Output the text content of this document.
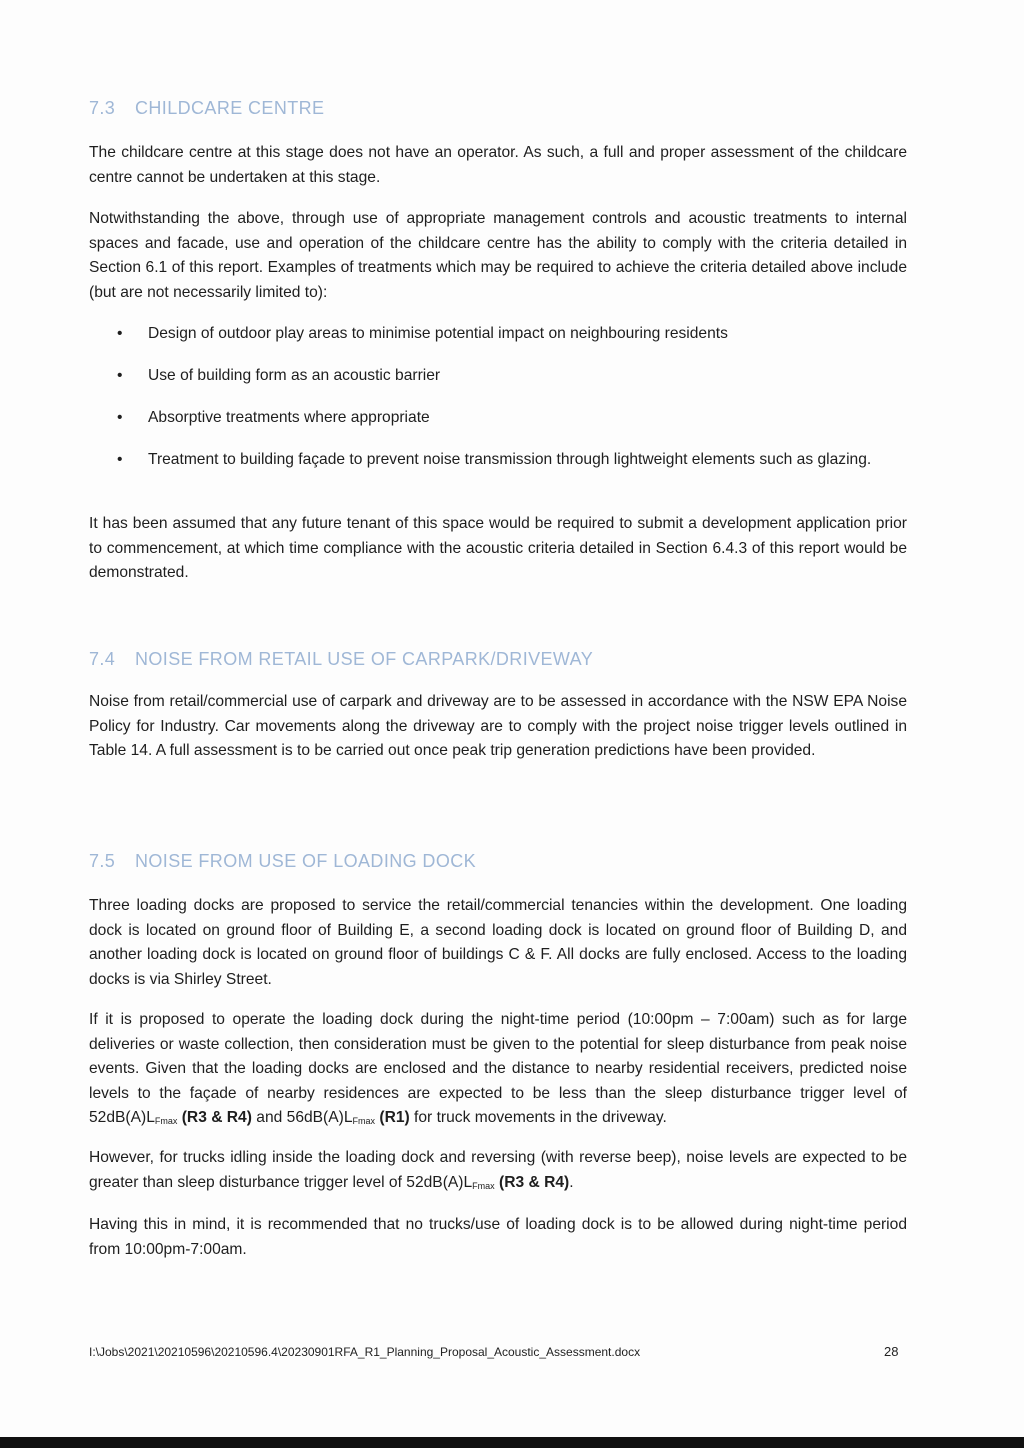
7.3 CHILDCARE CENTRE

The childcare centre at this stage does not have an operator. As such, a full and proper assessment of the childcare centre cannot be undertaken at this stage.

Notwithstanding the above, through use of appropriate management controls and acoustic treatments to internal spaces and facade, use and operation of the childcare centre has the ability to comply with the criteria detailed in Section 6.1 of this report. Examples of treatments which may be required to achieve the criteria detailed above include (but are not necessarily limited to):

• Design of outdoor play areas to minimise potential impact on neighbouring residents
• Use of building form as an acoustic barrier
• Absorptive treatments where appropriate
• Treatment to building façade to prevent noise transmission through lightweight elements such as glazing.

It has been assumed that any future tenant of this space would be required to submit a development application prior to commencement, at which time compliance with the acoustic criteria detailed in Section 6.4.3 of this report would be demonstrated.

7.4 NOISE FROM RETAIL USE OF CARPARK/DRIVEWAY

Noise from retail/commercial use of carpark and driveway are to be assessed in accordance with the NSW EPA Noise Policy for Industry. Car movements along the driveway are to comply with the project noise trigger levels outlined in Table 14. A full assessment is to be carried out once peak trip generation predictions have been provided.

7.5 NOISE FROM USE OF LOADING DOCK

Three loading docks are proposed to service the retail/commercial tenancies within the development. One loading dock is located on ground floor of Building E, a second loading dock is located on ground floor of Building D, and another loading dock is located on ground floor of buildings C & F. All docks are fully enclosed. Access to the loading docks is via Shirley Street.

If it is proposed to operate the loading dock during the night-time period (10:00pm – 7:00am) such as for large deliveries or waste collection, then consideration must be given to the potential for sleep disturbance from peak noise events. Given that the loading docks are enclosed and the distance to nearby residential receivers, predicted noise levels to the façade of nearby residences are expected to be less than the sleep disturbance trigger level of $52dB(A)L_{Fmax}$ (R3 & R4) and $56dB(A)L_{Fmax}$ (R1) for truck movements in the driveway.

However, for trucks idling inside the loading dock and reversing (with reverse beep), noise levels are expected to be greater than sleep disturbance trigger level of $52dB(A)L_{Fmax}$ (R3 & R4).

Having this in mind, it is recommended that no trucks/use of loading dock is to be allowed during night-time period from 10:00pm-7:00am.

I:\Jobs\2021\20210596\20210596.4\20230901RFA_R1_Planning_Proposal_Acoustic_Assessment.docx	28
